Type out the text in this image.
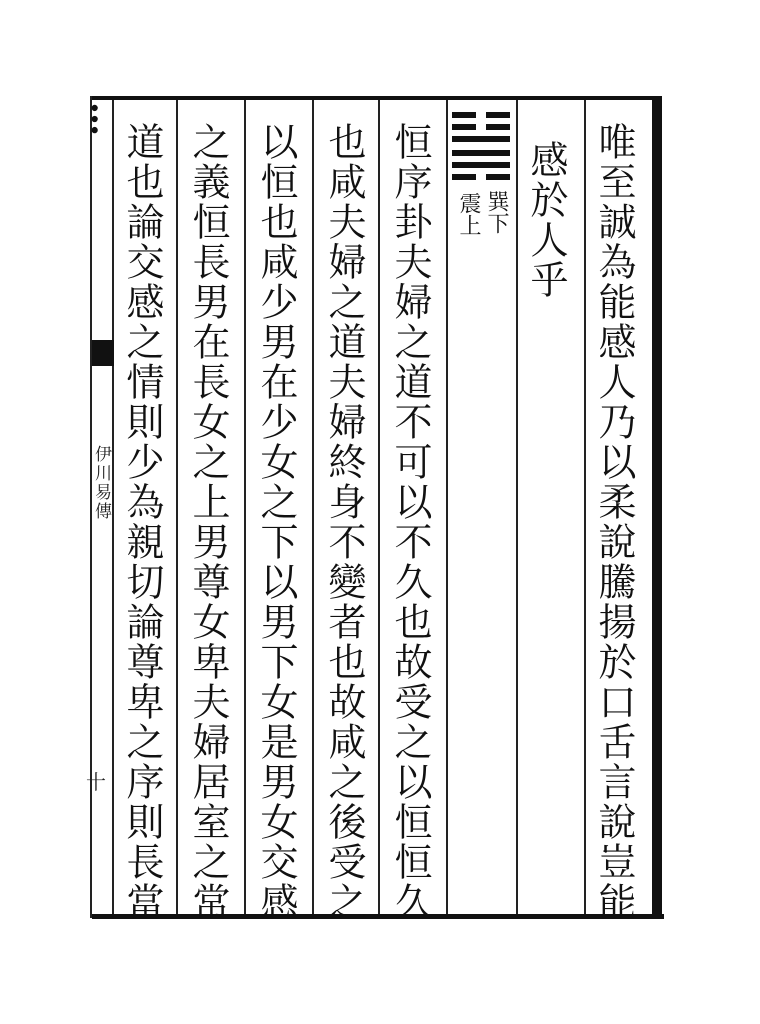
…
伊川易傳
十	唯至誠為能感人乃以柔說騰揚於口舌言說豈能
感於人乎
恒序卦夫婦之道不可以不久也故受之以恒恒久
也咸夫婦之道夫婦終身不變者也故咸之後受之
以恒也咸少男在少女之下以男下女是男女交感
之義恒長男在長女之上男尊女卑夫婦居室之常
道也論交感之情則少為親切論尊卑之序則長當	巽下
震上
